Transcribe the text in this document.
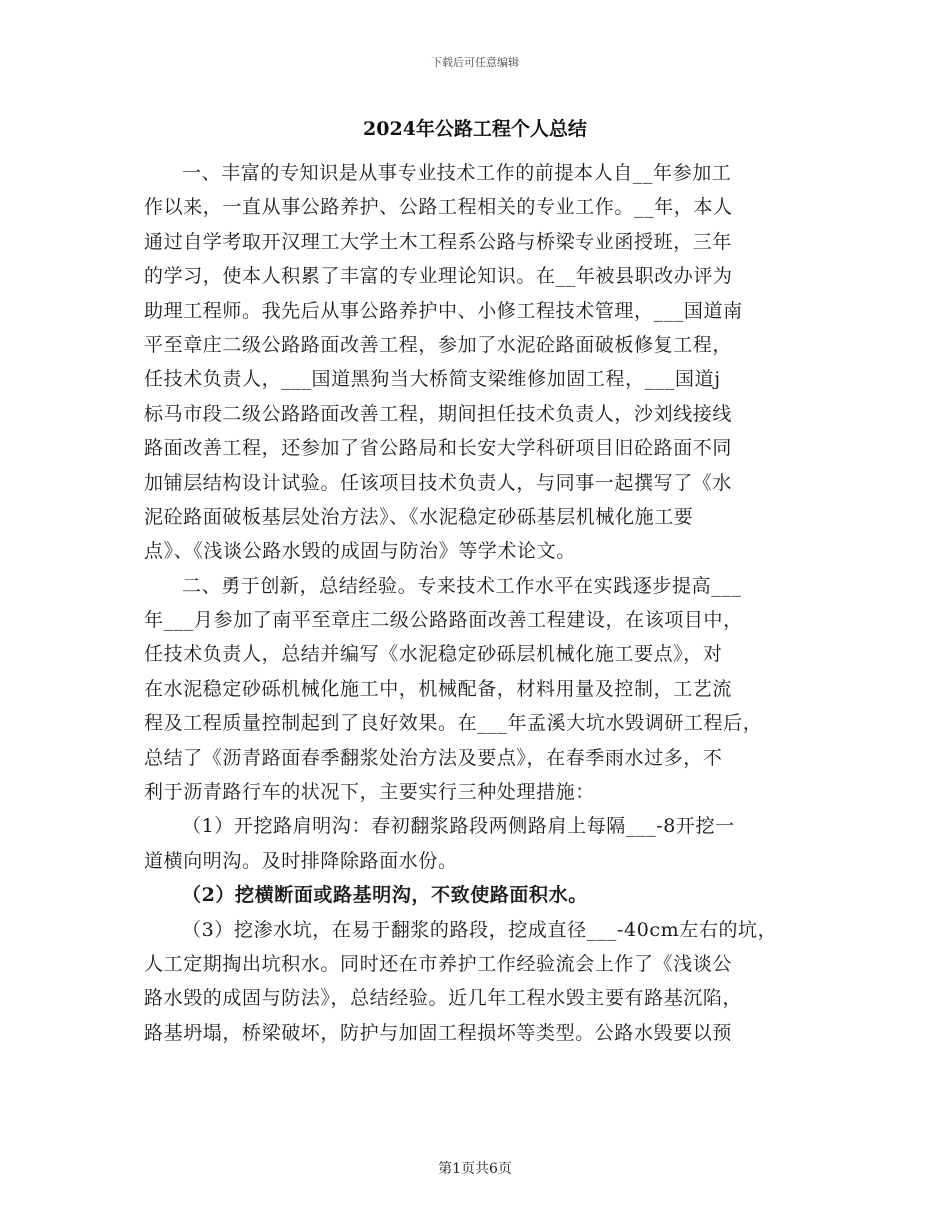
下载后可任意编辑
2024年公路工程个人总结
一、丰富的专知识是从事专业技术工作的前提本人自__年参加工
作以来，一直从事公路养护、公路工程相关的专业工作。__年，本人
通过自学考取开汉理工大学土木工程系公路与桥梁专业函授班，三年
的学习，使本人积累了丰富的专业理论知识。在__年被县职改办评为
助理工程师。我先后从事公路养护中、小修工程技术管理，___国道南
平至章庄二级公路路面改善工程，参加了水泥砼路面破板修复工程，
任技术负责人，___国道黑狗当大桥简支梁维修加固工程，___国道j
标马市段二级公路路面改善工程，期间担任技术负责人，沙刘线接线
路面改善工程，还参加了省公路局和长安大学科研项目旧砼路面不同
加铺层结构设计试验。任该项目技术负责人，与同事一起撰写了《水
泥砼路面破板基层处治方法》、《水泥稳定砂砾基层机械化施工要
点》、《浅谈公路水毁的成固与防治》等学术论文。
二、勇于创新，总结经验。专来技术工作水平在实践逐步提高___
年___月参加了南平至章庄二级公路路面改善工程建设，在该项目中，
任技术负责人，总结并编写《水泥稳定砂砾层机械化施工要点》，对
在水泥稳定砂砾机械化施工中，机械配备，材料用量及控制，工艺流
程及工程质量控制起到了良好效果。在___年孟溪大坑水毁调研工程后，
总结了《沥青路面春季翻浆处治方法及要点》，在春季雨水过多，不
利于沥青路行车的状况下，主要实行三种处理措施：
（1）开挖路肩明沟：春初翻浆路段两侧路肩上每隔___-8开挖一
道横向明沟。及时排降除路面水份。
（2）挖横断面或路基明沟，不致使路面积水。
（3）挖渗水坑，在易于翻浆的路段，挖成直径___-40cm左右的坑，
人工定期掏出坑积水。同时还在市养护工作经验流会上作了《浅谈公
路水毁的成固与防法》，总结经验。近几年工程水毁主要有路基沉陷，
路基坍塌，桥梁破坏，防护与加固工程损坏等类型。公路水毁要以预
第1页共6页
